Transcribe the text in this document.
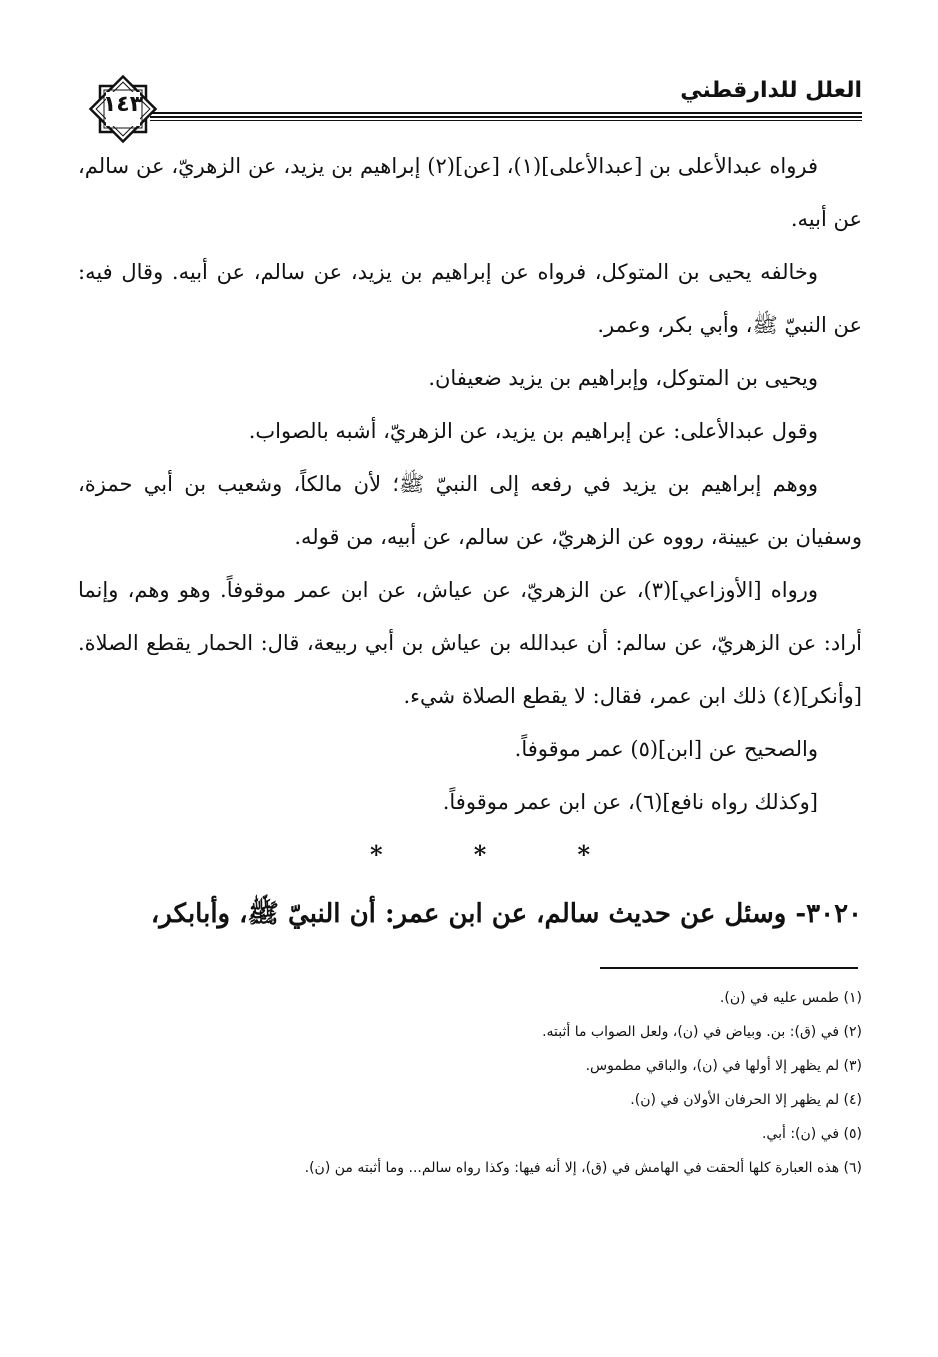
العلل للدارقطني
١٤٣
فرواه عبدالأعلى بن [عبدالأعلى](١)، [عن](٢) إبراهيم بن يزيد، عن الزهريّ، عن سالم، عن أبيه.
وخالفه يحيى بن المتوكل، فرواه عن إبراهيم بن يزيد، عن سالم، عن أبيه. وقال فيه: عن النبيّ ﷺ، وأبي بكر، وعمر.
ويحيى بن المتوكل، وإبراهيم بن يزيد ضعيفان.
وقول عبدالأعلى: عن إبراهيم بن يزيد، عن الزهريّ، أشبه بالصواب.
ووهم إبراهيم بن يزيد في رفعه إلى النبيّ ﷺ؛ لأن مالكاً، وشعيب بن أبي حمزة، وسفيان بن عيينة، رووه عن الزهريّ، عن سالم، عن أبيه، من قوله.
ورواه [الأوزاعي](٣)، عن الزهريّ، عن عياش، عن ابن عمر موقوفاً. وهو وهم، وإنما أراد: عن الزهريّ، عن سالم: أن عبدالله بن عياش بن أبي ربيعة، قال: الحمار يقطع الصلاة. [وأنكر](٤) ذلك ابن عمر، فقال: لا يقطع الصلاة شيء.
والصحيح عن [ابن](٥) عمر موقوفاً.
[وكذلك رواه نافع](٦)، عن ابن عمر موقوفاً.
*	*	*
٣٠٢٠- وسئل عن حديث سالم، عن ابن عمر: أن النبيّ ﷺ، وأبابكر،
(١) طمس عليه في (ن).
(٢) في (ق): بن. وبياض في (ن)، ولعل الصواب ما أثبته.
(٣) لم يظهر إلا أولها في (ن)، والباقي مطموس.
(٤) لم يظهر إلا الحرفان الأولان في (ن).
(٥) في (ن): أبي.
(٦) هذه العبارة كلها ألحقت في الهامش في (ق)، إلا أنه فيها: وكذا رواه سالم... وما أثبته من (ن).
